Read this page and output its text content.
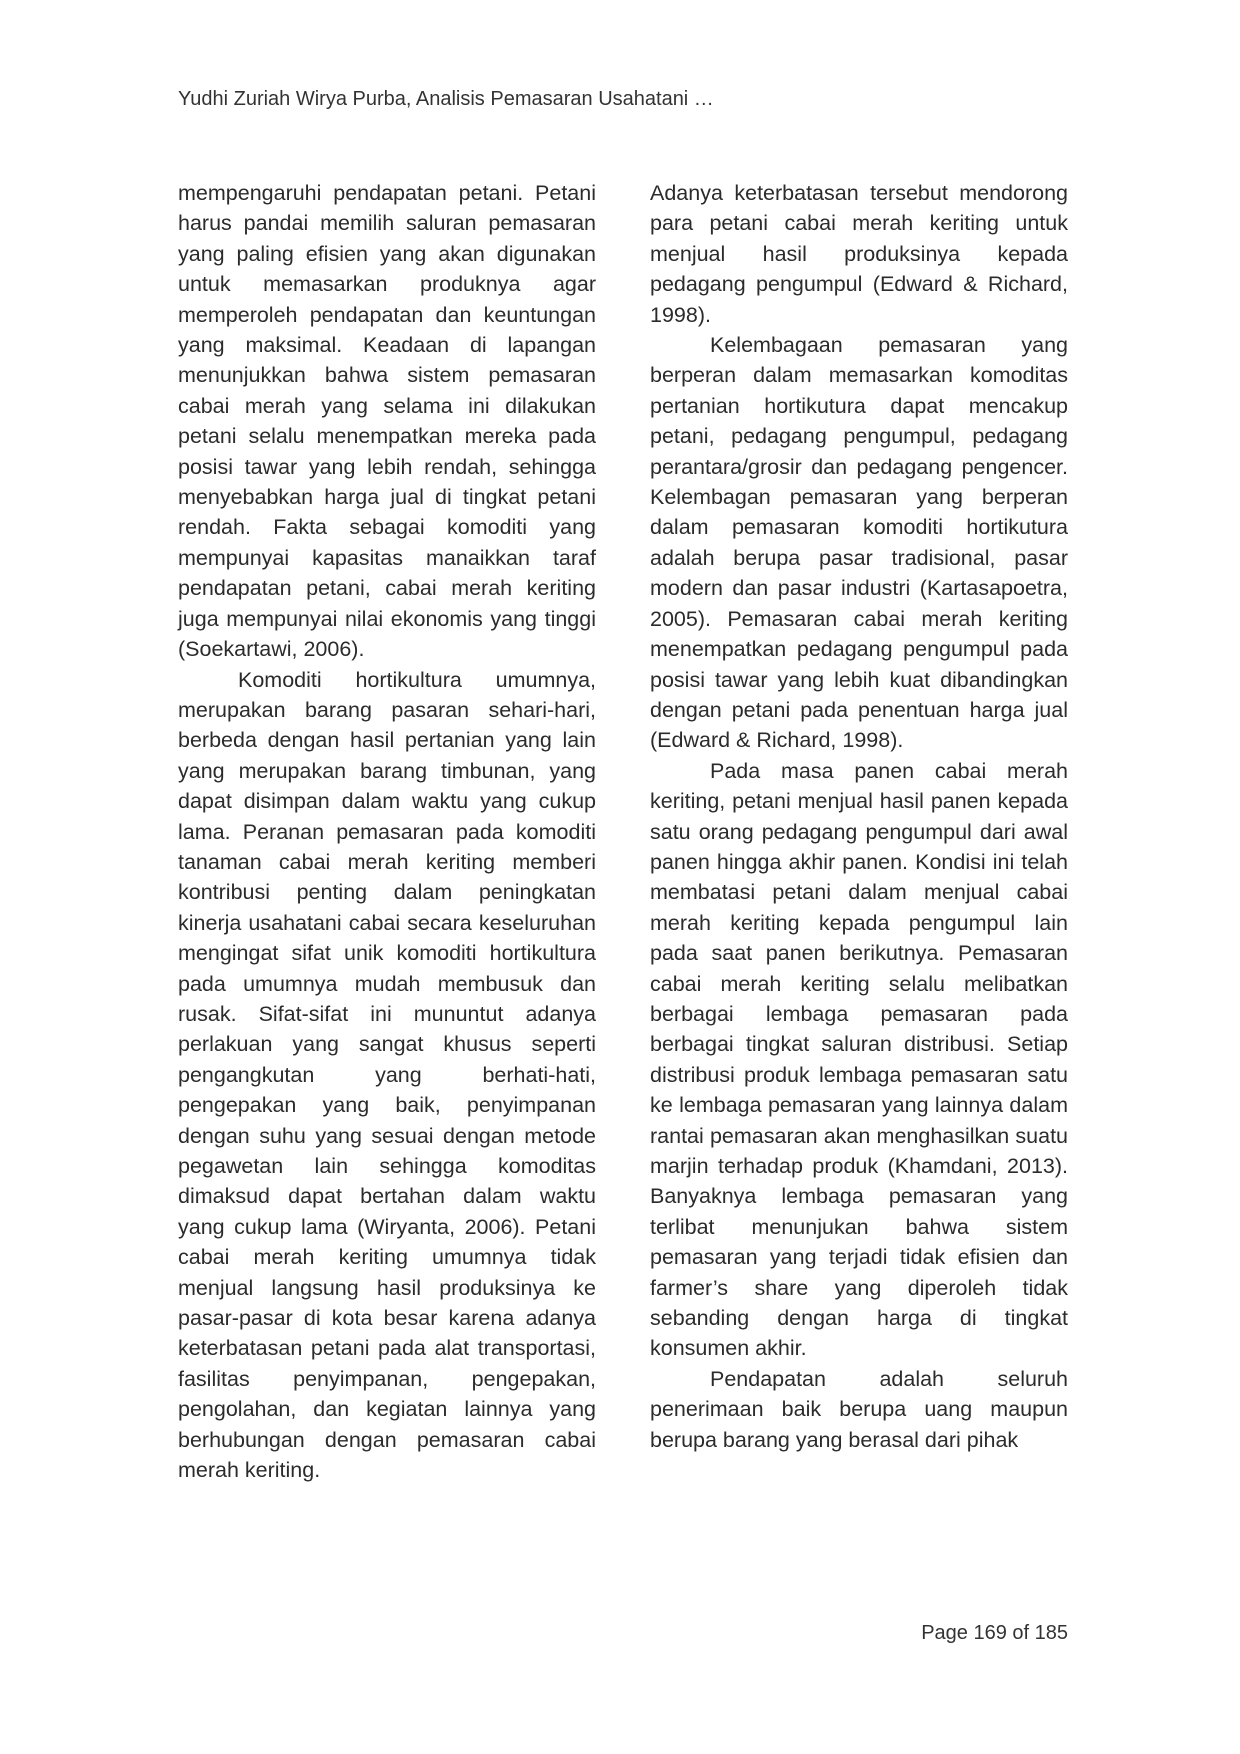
Yudhi Zuriah Wirya Purba, Analisis Pemasaran Usahatani …

mempengaruhi pendapatan petani. Petani harus pandai memilih saluran pemasaran yang paling efisien yang akan digunakan untuk memasarkan produknya agar memperoleh pendapatan dan keuntungan yang maksimal. Keadaan di lapangan menunjukkan bahwa sistem pemasaran cabai merah yang selama ini dilakukan petani selalu menempatkan mereka pada posisi tawar yang lebih rendah, sehingga menyebabkan harga jual di tingkat petani rendah. Fakta sebagai komoditi yang mempunyai kapasitas manaikkan taraf pendapatan petani, cabai merah keriting juga mempunyai nilai ekonomis yang tinggi (Soekartawi, 2006).

Komoditi hortikultura umumnya, merupakan barang pasaran sehari-hari, berbeda dengan hasil pertanian yang lain yang merupakan barang timbunan, yang dapat disimpan dalam waktu yang cukup lama. Peranan pemasaran pada komoditi tanaman cabai merah keriting memberi kontribusi penting dalam peningkatan kinerja usahatani cabai secara keseluruhan mengingat sifat unik komoditi hortikultura pada umumnya mudah membusuk dan rusak. Sifat-sifat ini mununtut adanya perlakuan yang sangat khusus seperti pengangkutan yang berhati-hati, pengepakan yang baik, penyimpanan dengan suhu yang sesuai dengan metode pegawetan lain sehingga komoditas dimaksud dapat bertahan dalam waktu yang cukup lama (Wiryanta, 2006). Petani cabai merah keriting umumnya tidak menjual langsung hasil produksinya ke pasar-pasar di kota besar karena adanya keterbatasan petani pada alat transportasi, fasilitas penyimpanan, pengepakan, pengolahan, dan kegiatan lainnya yang berhubungan dengan pemasaran cabai merah keriting.

Adanya keterbatasan tersebut mendorong para petani cabai merah keriting untuk menjual hasil produksinya kepada pedagang pengumpul (Edward & Richard, 1998).

Kelembagaan pemasaran yang berperan dalam memasarkan komoditas pertanian hortikutura dapat mencakup petani, pedagang pengumpul, pedagang perantara/grosir dan pedagang pengencer. Kelembagan pemasaran yang berperan dalam pemasaran komoditi hortikutura adalah berupa pasar tradisional, pasar modern dan pasar industri (Kartasapoetra, 2005). Pemasaran cabai merah keriting menempatkan pedagang pengumpul pada posisi tawar yang lebih kuat dibandingkan dengan petani pada penentuan harga jual (Edward & Richard, 1998).

Pada masa panen cabai merah keriting, petani menjual hasil panen kepada satu orang pedagang pengumpul dari awal panen hingga akhir panen. Kondisi ini telah membatasi petani dalam menjual cabai merah keriting kepada pengumpul lain pada saat panen berikutnya. Pemasaran cabai merah keriting selalu melibatkan berbagai lembaga pemasaran pada berbagai tingkat saluran distribusi. Setiap distribusi produk lembaga pemasaran satu ke lembaga pemasaran yang lainnya dalam rantai pemasaran akan menghasilkan suatu marjin terhadap produk (Khamdani, 2013). Banyaknya lembaga pemasaran yang terlibat menunjukan bahwa sistem pemasaran yang terjadi tidak efisien dan farmer’s share yang diperoleh tidak sebanding dengan harga di tingkat konsumen akhir.

Pendapatan adalah seluruh penerimaan baik berupa uang maupun berupa barang yang berasal dari pihak

Page 169 of 185
